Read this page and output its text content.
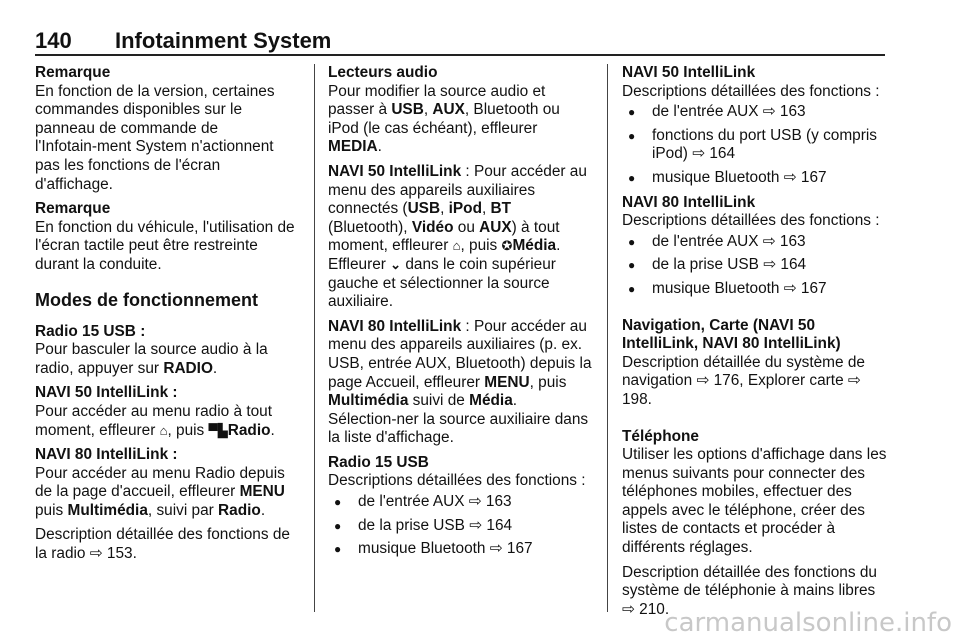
140 Infotainment System
Remarque
En fonction de la version, certaines commandes disponibles sur le panneau de commande de l'Infotain‑ment System n'actionnent pas les fonctions de l'écran d'affichage.
Remarque
En fonction du véhicule, l'utilisation de l'écran tactile peut être restreinte durant la conduite.
Modes de fonctionnement
Radio 15 USB :
Pour basculer la source audio à la radio, appuyer sur RADIO.
NAVI 50 IntelliLink :
Pour accéder au menu radio à tout moment, effleurer ⌂, puis ▀▙Radio.
NAVI 80 IntelliLink :
Pour accéder au menu Radio depuis de la page d'accueil, effleurer MENU puis Multimédia, suivi par Radio.
Description détaillée des fonctions de la radio ⇨ 153.
Lecteurs audio
Pour modifier la source audio et passer à USB, AUX, Bluetooth ou iPod (le cas échéant), effleurer MEDIA.
NAVI 50 IntelliLink : Pour accéder au menu des appareils auxiliaires connectés (USB, iPod, BT (Bluetooth), Vidéo ou AUX) à tout moment, effleurer ⌂, puis ✪Média. Effleurer ⌄ dans le coin supérieur gauche et sélectionner la source auxiliaire.
NAVI 80 IntelliLink : Pour accéder au menu des appareils auxiliaires (p. ex. USB, entrée AUX, Bluetooth) depuis la page Accueil, effleurer MENU, puis Multimédia suivi de Média. Sélection‑ner la source auxiliaire dans la liste d'affichage.
Radio 15 USB
Descriptions détaillées des fonctions :
● de l'entrée AUX ⇨ 163
● de la prise USB ⇨ 164
● musique Bluetooth ⇨ 167
NAVI 50 IntelliLink
Descriptions détaillées des fonctions :
● de l'entrée AUX ⇨ 163
● fonctions du port USB (y compris iPod) ⇨ 164
● musique Bluetooth ⇨ 167
NAVI 80 IntelliLink
Descriptions détaillées des fonctions :
● de l'entrée AUX ⇨ 163
● de la prise USB ⇨ 164
● musique Bluetooth ⇨ 167
Navigation, Carte (NAVI 50 IntelliLink, NAVI 80 IntelliLink)
Description détaillée du système de navigation ⇨ 176, Explorer carte ⇨ 198.
Téléphone
Utiliser les options d'affichage dans les menus suivants pour connecter des téléphones mobiles, effectuer des appels avec le téléphone, créer des listes de contacts et procéder à différents réglages.
Description détaillée des fonctions du système de téléphonie à mains libres ⇨ 210.
carmanualsonline.info
